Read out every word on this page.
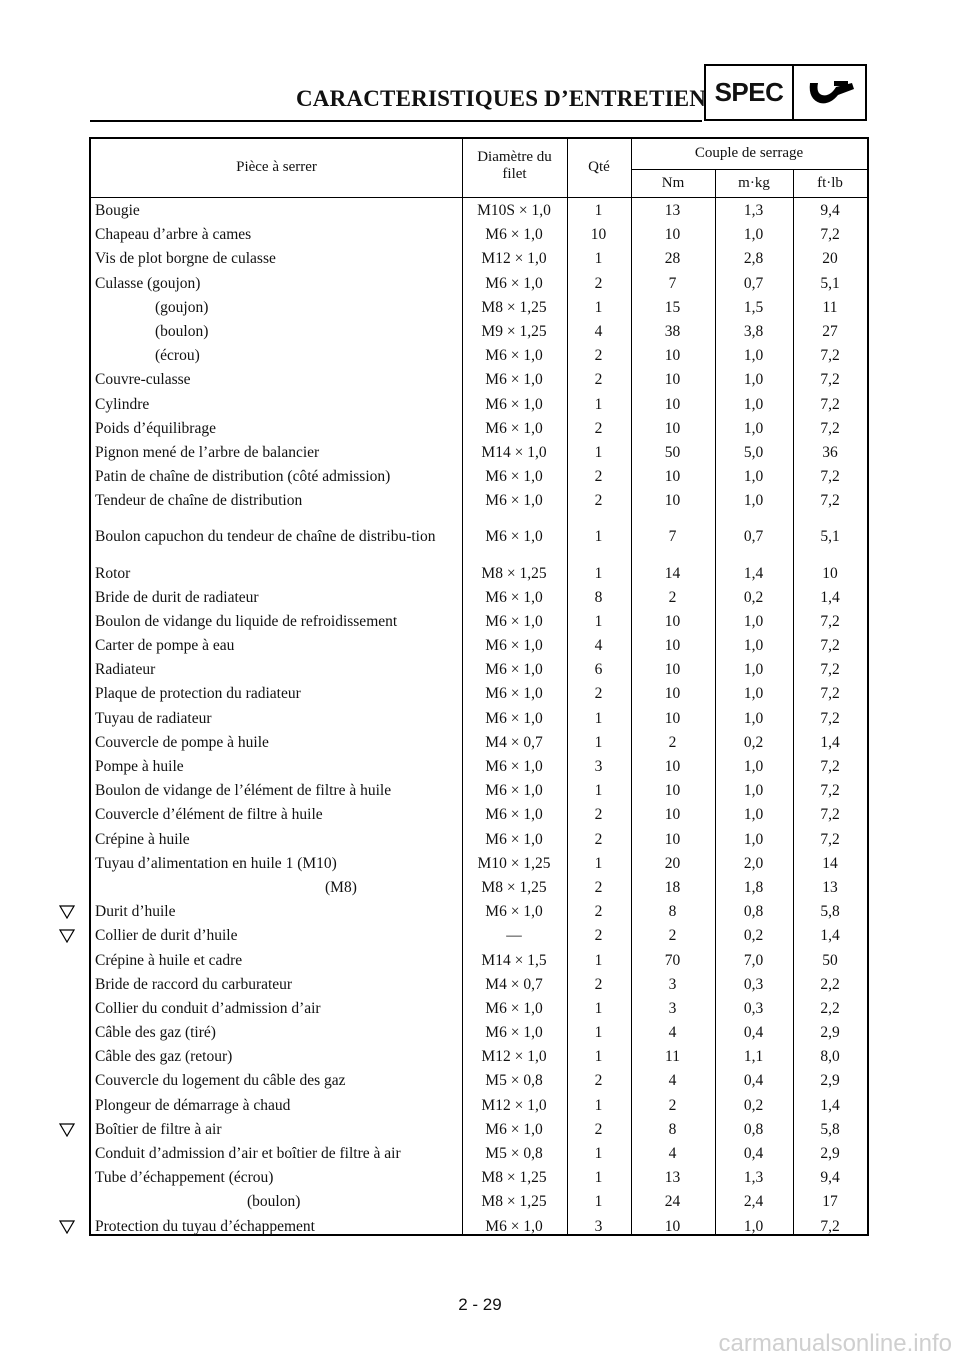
CARACTERISTIQUES D’ENTRETIEN SPEC
Pièce à serrer
Diamètre du
filet	Qté
Couple de serrage
Nm	m·kg	ft·lb
Bougie	M10S × 1,0	1	13	1,3	9,4
Chapeau d’arbre à cames	M6 × 1,0	10	10	1,0	7,2
Vis de plot borgne de culasse	M12 × 1,0	1	28	2,8	20
Culasse (goujon)	M6 × 1,0	2	7	0,7	5,1
(goujon)	M8 × 1,25	1	15	1,5	11
(boulon)	M9 × 1,25	4	38	3,8	27
(écrou)	M6 × 1,0	2	10	1,0	7,2
Couvre-culasse	M6 × 1,0	2	10	1,0	7,2
Cylindre	M6 × 1,0	1	10	1,0	7,2
Poids d’équilibrage	M6 × 1,0	2	10	1,0	7,2
Pignon mené de l’arbre de balancier	M14 × 1,0	1	50	5,0	36
Patin de chaîne de distribution (côté admission)	M6 × 1,0	2	10	1,0	7,2
Tendeur de chaîne de distribution	M6 × 1,0	2	10	1,0	7,2
Boulon capuchon du tendeur de chaîne de distribu-tion	M6 × 1,0	1	7	0,7	5,1
Rotor	M8 × 1,25	1	14	1,4	10
Bride de durit de radiateur	M6 × 1,0	8	2	0,2	1,4
Boulon de vidange du liquide de refroidissement	M6 × 1,0	1	10	1,0	7,2
Carter de pompe à eau	M6 × 1,0	4	10	1,0	7,2
Radiateur	M6 × 1,0	6	10	1,0	7,2
Plaque de protection du radiateur	M6 × 1,0	2	10	1,0	7,2
Tuyau de radiateur	M6 × 1,0	1	10	1,0	7,2
Couvercle de pompe à huile	M4 × 0,7	1	2	0,2	1,4
Pompe à huile	M6 × 1,0	3	10	1,0	7,2
Boulon de vidange de l’élément de filtre à huile	M6 × 1,0	1	10	1,0	7,2
Couvercle d’élément de filtre à huile	M6 × 1,0	2	10	1,0	7,2
Crépine à huile	M6 × 1,0	2	10	1,0	7,2
Tuyau d’alimentation en huile 1 (M10)	M10 × 1,25	1	20	2,0	14
(M8)	M8 × 1,25	2	18	1,8	13
Durit d’huile	M6 × 1,0	2	8	0,8	5,8
Collier de durit d’huile	—	2	2	0,2	1,4
Crépine à huile et cadre	M14 × 1,5	1	70	7,0	50
Bride de raccord du carburateur	M4 × 0,7	2	3	0,3	2,2
Collier du conduit d’admission d’air	M6 × 1,0	1	3	0,3	2,2
Câble des gaz (tiré)	M6 × 1,0	1	4	0,4	2,9
Câble des gaz (retour)	M12 × 1,0	1	11	1,1	8,0
Couvercle du logement du câble des gaz	M5 × 0,8	2	4	0,4	2,9
Plongeur de démarrage à chaud	M12 × 1,0	1	2	0,2	1,4
Boîtier de filtre à air	M6 × 1,0	2	8	0,8	5,8
Conduit d’admission d’air et boîtier de filtre à air	M5 × 0,8	1	4	0,4	2,9
Tube d’échappement (écrou)	M8 × 1,25	1	13	1,3	9,4
(boulon)	M8 × 1,25	1	24	2,4	17
Protection du tuyau d’échappement	M6 × 1,0	3	10	1,0	7,2
2 - 29
carmanualsonline.info
